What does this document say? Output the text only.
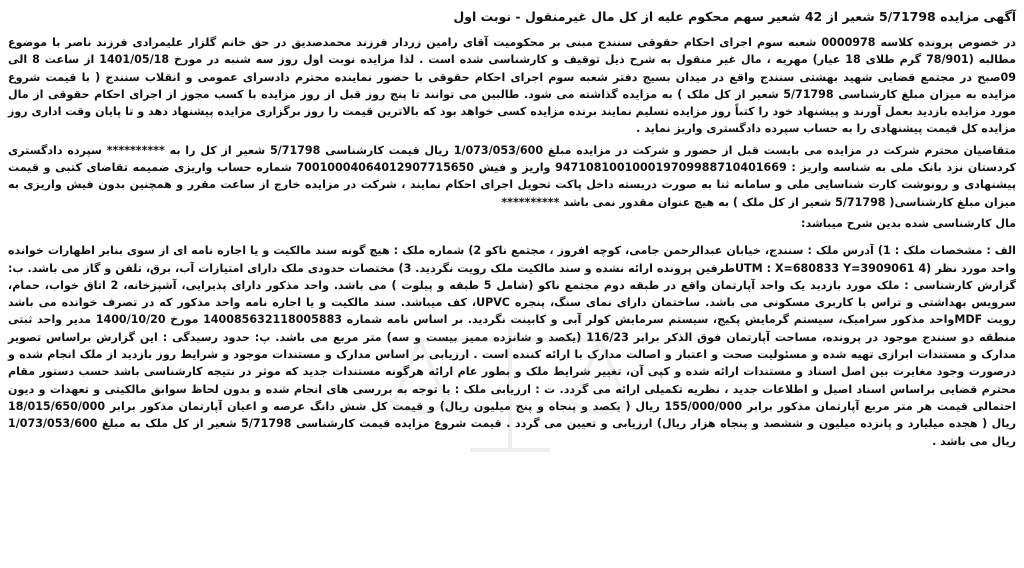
آگهی مزایده 5/71798 شعیر از 42 شعیر سهم محکوم علیه از کل مال غیرمنقول - نوبت اول

در خصوص پرونده کلاسه 0000978 شعبه سوم اجرای احکام حقوقی سنندج مبنی بر محکومیت آقای رامین زردار فرزند محمدصدیق در حق خانم گلزار علیمرادی فرزند ناصر با موضوع مطالبه (78/901 گرم طلای 18 عیار) مهریه ، مال غیر منقول به شرح ذیل توقیف و کارشناسی شده است . لذا مزایده نوبت اول روز سه شنبه در مورخ 1401/05/18 از ساعت 8 الی 09صبح در مجتمع قضایی شهید بهشتی سنندج واقع در میدان بسیج دفتر شعبه سوم اجرای احکام حقوقی با حضور نماینده محترم دادسرای عمومی و انقلاب سنندج ( با قیمت شروع مزایده به میزان مبلغ کارشناسی 5/71798 شعیر از کل ملک ) به مزایده گذاشته می شود. طالبین می توانند تا پنج روز قبل از روز مزایده با کسب مجوز از اجرای احکام حقوقی از مال مورد مزایده بازدید بعمل آورند و پیشنهاد خود را کتباً روز مزایده تسلیم نمایند برنده مزایده کسی خواهد بود که بالاترین قیمت را روز برگزاری مزایده پیشنهاد دهد و تا پایان وقت اداری روز مزایده کل قیمت پیشنهادی را به حساب سپرده دادگستری واریز نماید .

متقاضیان محترم شرکت در مزایده می بایست قبل از حضور و شرکت در مزایده مبلغ 1/073/053/600 ریال قیمت کارشناسی 5/71798 شعیر از کل را به ********** سپرده دادگستری کردستان نزد بانک ملی به شناسه واریز : 947108100100019709988710401669 واریز و فیش 7001000406401290771565​0 شماره حساب واریزی ضمیمه تقاضای کتبی و قیمت پیشنهادی و رونوشت کارت شناسایی ملی و سامانه ثنا به صورت دربسته داخل پاکت تحویل اجرای احکام نمایند ، شرکت در مزایده خارج از ساعت مقرر و همچنین بدون فیش واریزی به میزان مبلغ کارشناسی( 5/71798 شعیر از کل ملک ) به هیچ عنوان مقدور نمی باشد **********

مال کارشناسی شده بدین شرح میباشد:

الف : مشخصات ملک : 1) آدرس ملک : سنندج، خیابان عبدالرحمن جامی، کوچه افروز ، مجتمع ناکو 2) شماره ملک : هیچ گونه سند مالکیت و یا اجاره نامه ای از سوی بنابر اظهارات خوانده واحد مورد نظر (4 UTM : X=680833 Y=3909061طرفین پرونده ارائه نشده و سند مالکیت ملک رویت نگردید. 3) مختصات حدودی ملک دارای امتیازات آب، برق، تلفن و گاز می باشد. ب: گزارش کارشناسی : ملک مورد بازدید یک واحد آپارتمان واقع در طبقه دوم مجتمع ناکو (شامل 5 طبقه و پیلوت ) می باشد. واحد مذکور دارای پذیرایی، آشپزخانه، 2 اتاق خواب، حمام، سرویس بهداشتی و تراس با کاربری مسکونی می باشد. ساختمان دارای نمای سنگ، پنجره UPVC، کف میباشد. سند مالکیت و یا اجاره نامه واحد مذکور که در تصرف خوانده می باشد رویت MDFواحد مذکور سرامیک، سیستم گرمایش پکیج، سیستم سرمایش کولر آبی و کابینت نگردید. بر اساس نامه شماره 140085632118005883 مورخ 1400/10/20 مدیر واحد ثبتی منطقه دو سنندج موجود در پرونده، مساحت آپارتمان فوق الذکر برابر 116/23 (یکصد و شانزده ممیز بیست و سه) متر مربع می باشد. پ: حدود رسیدگی : این گزارش براساس تصویر مدارک و مستندات ابرازی تهیه شده و مسئولیت صحت و اعتبار و اصالت مدارک با ارائه کننده است . ارزیابی بر اساس مدارک و مستندات موجود و شرایط روز بازدید از ملک انجام شده و درصورت وجود مغایرت بین اصل اسناد و مستندات ارائه شده و کپی آن، تغییر شرایط ملک و بطور عام ارائه هرگونه مستندات جدید که موثر در نتیجه کارشناسی باشد حسب دستور مقام محترم قضایی براساس اسناد اصیل و اطلاعات جدید ، نظریه تکمیلی ارائه می گردد. ت : ارزیابی ملک : با توجه به بررسی های انجام شده و بدون لحاظ سوابق مالکیتی و تعهدات و دیون احتمالی قیمت هر متر مربع آپارتمان مذکور برابر 155/000/000 ریال ( یکصد و پنجاه و پنج میلیون ریال) و قیمت کل شش دانگ عرصه و اعیان آپارتمان مذکور برابر 18/015/650/000 ریال ( هجده میلیارد و پانزده میلیون و ششصد و پنجاه هزار ریال) ارزیابی و تعیین می گردد . قیمت شروع مزایده قیمت کارشناسی 5/71798 شعیر از کل ملک به مبلغ 1/073/053/600 ریال می باشد .
